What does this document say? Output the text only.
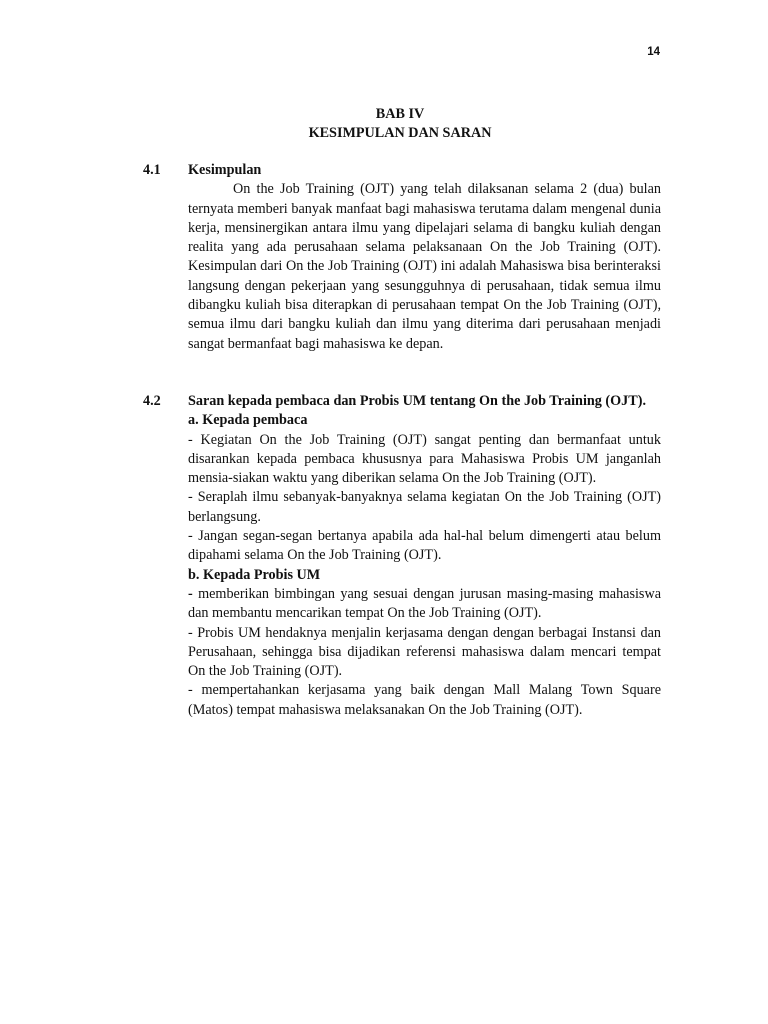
14
BAB IV
KESIMPULAN DAN SARAN
4.1 Kesimpulan

On the Job Training (OJT) yang telah dilaksanan selama 2 (dua) bulan ternyata memberi banyak manfaat bagi mahasiswa terutama dalam mengenal dunia kerja, mensinergikan antara ilmu yang dipelajari selama di bangku kuliah dengan realita yang ada perusahaan selama pelaksanaan On the Job Training (OJT). Kesimpulan dari On the Job Training (OJT) ini adalah Mahasiswa bisa berinteraksi langsung dengan pekerjaan yang sesungguhnya di perusahaan, tidak semua ilmu dibangku kuliah bisa diterapkan di perusahaan tempat On the Job Training (OJT), semua ilmu dari bangku kuliah dan ilmu yang diterima dari perusahaan menjadi sangat bermanfaat bagi mahasiswa ke depan.

4.2 Saran kepada pembaca dan Probis UM tentang On the Job Training (OJT).
a. Kepada pembaca

- Kegiatan On the Job Training (OJT) sangat penting dan bermanfaat untuk disarankan kepada pembaca khususnya para Mahasiswa Probis UM janganlah mensia-siakan waktu yang diberikan selama On the Job Training (OJT).

- Seraplah ilmu sebanyak-banyaknya selama kegiatan On the Job Training (OJT) berlangsung.

- Jangan segan-segan bertanya apabila ada hal-hal belum dimengerti atau belum dipahami selama On the Job Training (OJT).

b. Kepada Probis UM

- memberikan bimbingan yang sesuai dengan jurusan masing-masing mahasiswa dan membantu mencarikan tempat On the Job Training (OJT).

- Probis UM hendaknya menjalin kerjasama dengan dengan berbagai Instansi dan Perusahaan, sehingga bisa dijadikan referensi mahasiswa dalam mencari tempat On the Job Training (OJT).

- mempertahankan kerjasama yang baik dengan Mall Malang Town Square (Matos) tempat mahasiswa melaksanakan On the Job Training (OJT).
